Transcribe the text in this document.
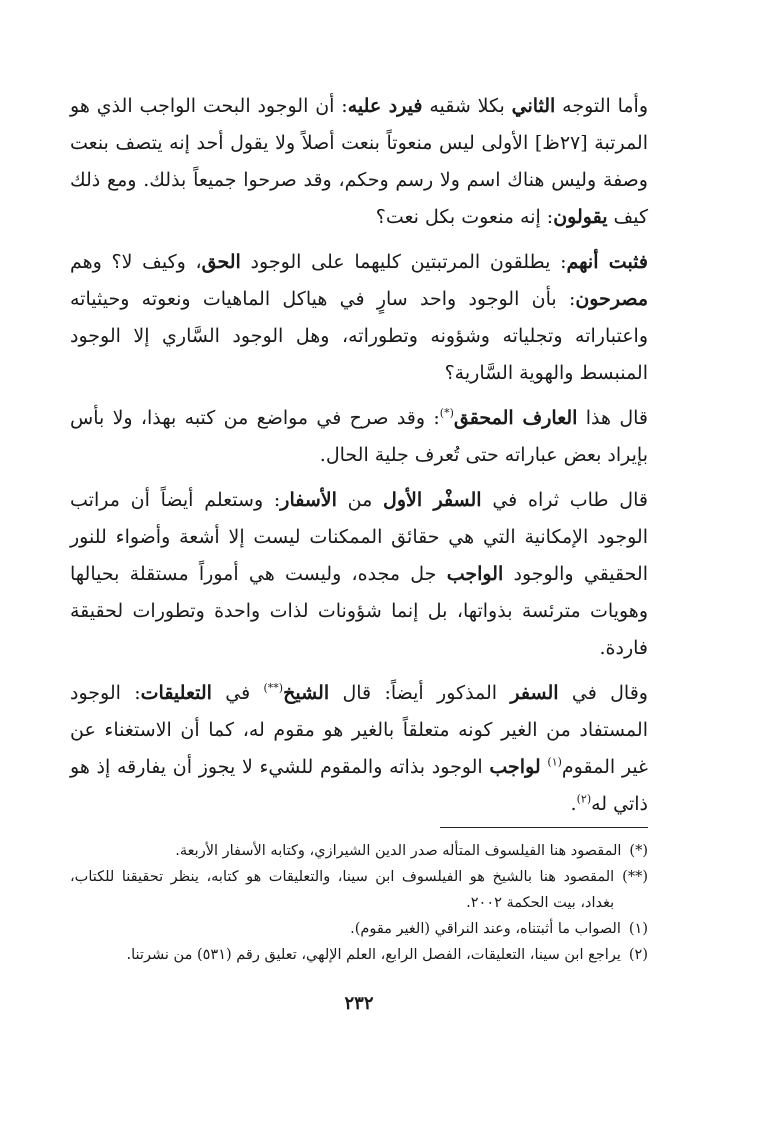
وأما التوجه الثاني بكلا شقيه فيرد عليه: أن الوجود البحت الواجب الذي هو المرتبة [٢٧ظ] الأولى ليس منعوتاً بنعت أصلاً ولا يقول أحد إنه يتصف بنعت وصفة وليس هناك اسم ولا رسم وحكم، وقد صرحوا جميعاً بذلك. ومع ذلك كيف يقولون: إنه منعوت بكل نعت؟

فثبت أنهم: يطلقون المرتبتين كليهما على الوجود الحق، وكيف لا؟ وهم مصرحون: بأن الوجود واحد سارٍ في هياكل الماهيات ونعوته وحيثياته واعتباراته وتجلياته وشؤونه وتطوراته، وهل الوجود السَّاري إلا الوجود المنبسط والهوية السَّارية؟

قال هذا العارف المحقق(*): وقد صرح في مواضع من كتبه بهذا، ولا بأس بإيراد بعض عباراته حتى تُعرف جلية الحال.

قال طاب ثراه في السفْر الأول من الأسفار: وستعلم أيضاً أن مراتب الوجود الإمكانية التي هي حقائق الممكنات ليست إلا أشعة وأضواء للنور الحقيقي والوجود الواجب جل مجده، وليست هي أموراً مستقلة بحيالها وهويات مترئسة بذواتها، بل إنما شؤونات لذات واحدة وتطورات لحقيقة فاردة.

وقال في السفر المذكور أيضاً: قال الشيخ(**) في التعليقات: الوجود المستفاد من الغير كونه متعلقاً بالغير هو مقوم له، كما أن الاستغناء عن غير المقوم$^{(١)}$ لواجب الوجود بذاته والمقوم للشيء لا يجوز أن يفارقه إذ هو ذاتي له$^{(٢)}$.

(*)
المقصود هنا الفيلسوف المتأله صدر الدين الشيرازي، وكتابه الأسفار الأربعة.
(**)
المقصود هنا بالشيخ هو الفيلسوف ابن سينا، والتعليقات هو كتابه، ينظر تحقيقنا للكتاب، بغداد، بيت الحكمة ٢٠٠٢.
(١)
الصواب ما أثبتناه، وعند النراقي (الغير مقوم).
(٢)
يراجع ابن سينا، التعليقات، الفصل الرابع، العلم الإلهي، تعليق رقم (٥٣١) من نشرتنا.
٢٣٢
